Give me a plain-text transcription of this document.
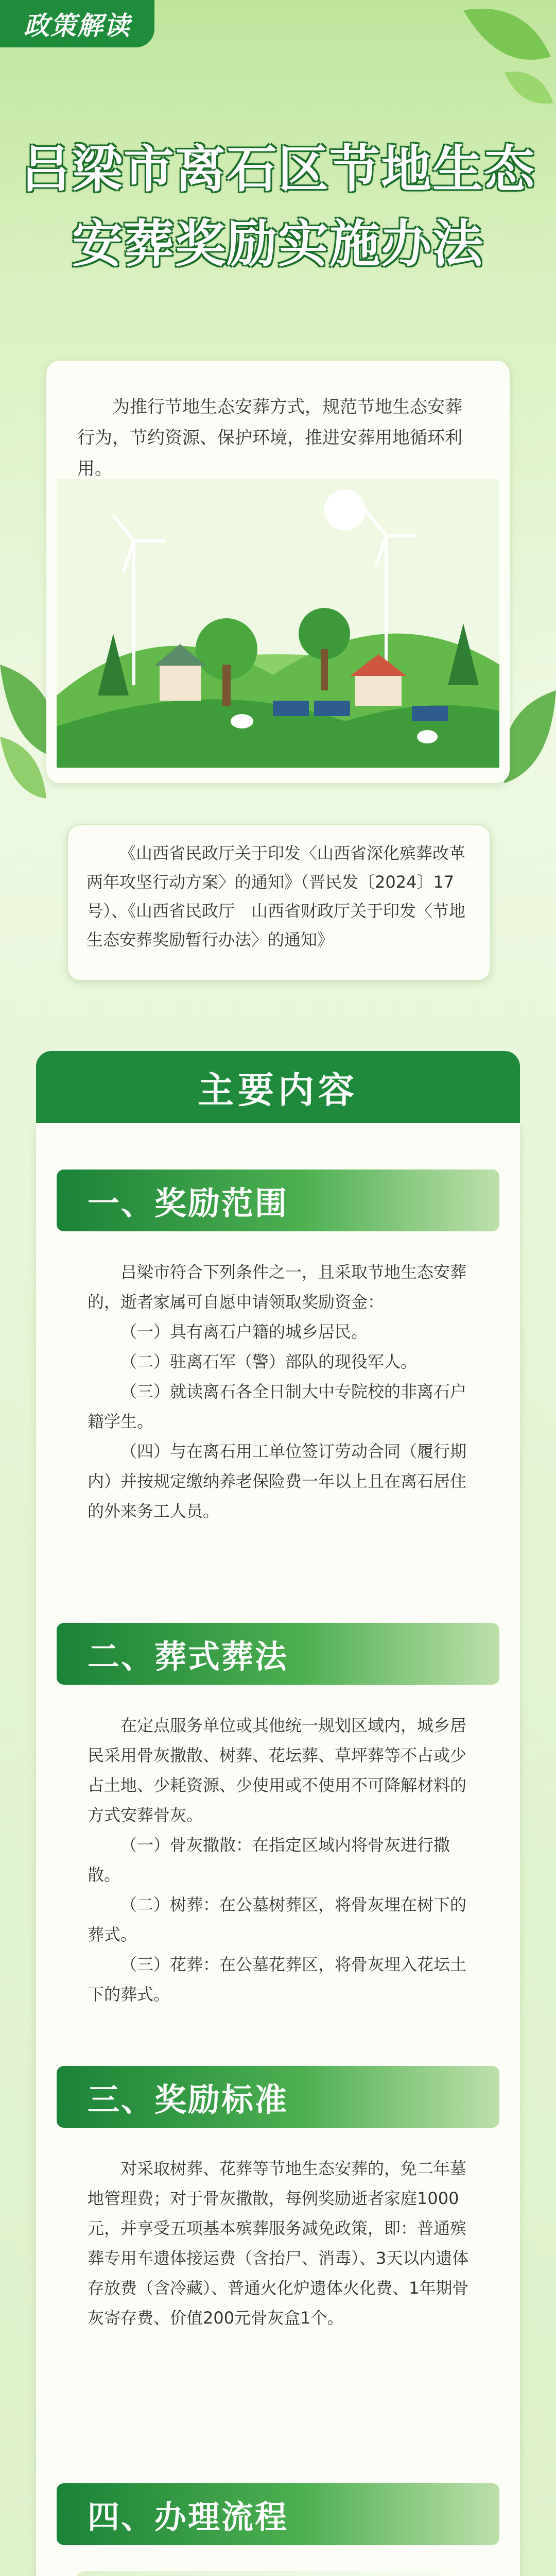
政策解读
吕梁市离石区节地生态
安葬奖励实施办法

为推行节地生态安葬方式，规范节地生态安葬行为，节约资源、保护环境，推进安葬用地循环利用。

《山西省民政厅关于印发〈山西省深化殡葬改革两年攻坚行动方案〉的通知》（晋民发〔2024〕17号）、《山西省民政厅　山西省财政厅关于印发〈节地生态安葬奖励暂行办法〉的通知》

主要内容
一、奖励范围

吕梁市符合下列条件之一，且采取节地生态安葬的，逝者家属可自愿申请领取奖励资金：

（一）具有离石户籍的城乡居民。

（二）驻离石军（警）部队的现役军人。

（三）就读离石各全日制大中专院校的非离石户籍学生。

（四）与在离石用工单位签订劳动合同（履行期内）并按规定缴纳养老保险费一年以上且在离石居住的外来务工人员。

二、葬式葬法

在定点服务单位或其他统一规划区域内，城乡居民采用骨灰撒散、树葬、花坛葬、草坪葬等不占或少占土地、少耗资源、少使用或不使用不可降解材料的方式安葬骨灰。

（一）骨灰撒散：在指定区域内将骨灰进行撒散。

（二）树葬：在公墓树葬区，将骨灰埋在树下的葬式。

（三）花葬：在公墓花葬区，将骨灰埋入花坛土下的葬式。

三、奖励标准

对采取树葬、花葬等节地生态安葬的，免二年墓地管理费；对于骨灰撒散，每例奖励逝者家庭1000元，并享受五项基本殡葬服务减免政策，即：普通殡葬专用车遗体接运费（含抬尸、消毒）、3天以内遗体存放费（含冷藏）、普通火化炉遗体火化费、1年期骨灰寄存费、价值200元骨灰盒1个。

四、办理流程
